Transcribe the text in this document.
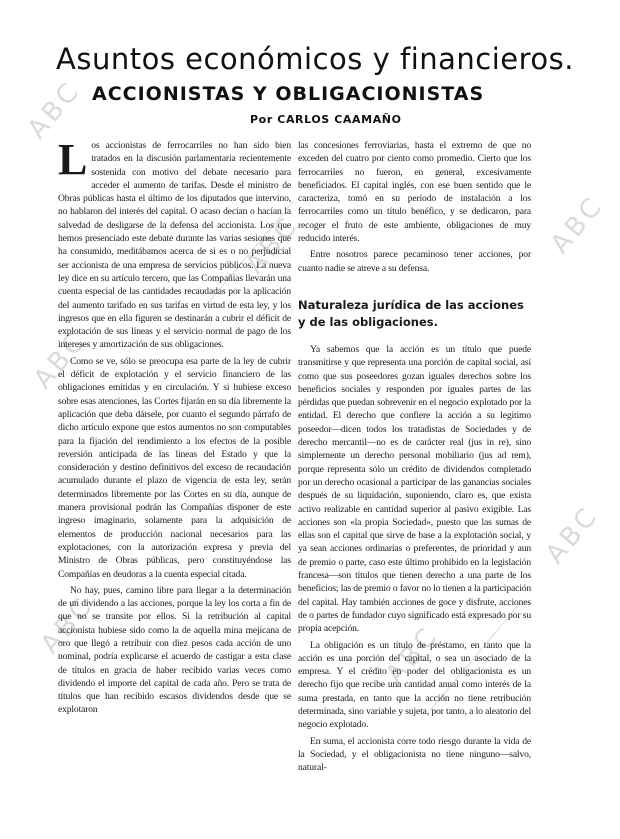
ABC
ABC
ABC
ABC
ABC
ABC
ABC
Asuntos económicos y financieros.
ACCIONISTAS Y OBLIGACIONISTAS
Por CARLOS CAAMAÑO

Los accionistas de ferrocarriles no han sido bien tratados en la discusión parlamentaria recientemente sostenida con motivo del debate necesario para acceder el aumento de tarifas. Desde el ministro de Obras públicas hasta el último de los diputados que intervino, no hablaron del interés del capital. O acaso decían o hacían la salvedad de desligarse de la defensa del accionista. Los que hemos presenciado este debate durante las varias sesiones que ha consumido, meditábamos acerca de si es o no perjudicial ser accionista de una empresa de servicios públicos. La nueva ley dice en su artículo tercero, que las Compañías llevarán una cuenta especial de las cantidades recaudadas por la aplicación del aumento tarifado en sus tarifas en virtud de esta ley, y los ingresos que en ella figuren se destinarán a cubrir el déficit de explotación de sus líneas y el servicio normal de pago de los intereses y amortización de sus obligaciones.

Como se ve, sólo se preocupa esa parte de la ley de cubrir el déficit de explotación y el servicio financiero de las obligaciones emitidas y en circulación. Y si hubiese exceso sobre esas atenciones, las Cortes fijarán en su día libremente la aplicación que deba dársele, por cuanto el segundo párrafo de dicho artículo expone que estos aumentos no son computables para la fijación del rendimiento a los efectos de la posible reversión anticipada de las líneas del Estado y que la consideración y destino definitivos del exceso de recaudación acumulado durante el plazo de vigencia de esta ley, serán determinados libremente por las Cortes en su día, aunque de manera provisional podrán las Compañías disponer de este ingreso imaginario, solamente para la adquisición de elementos de producción nacional necesarios para las explotaciones, con la autorización expresa y previa del Ministro de Obras públicas, pero constituyéndose las Compañías en deudoras a la cuenta especial citada.

No hay, pues, camino libre para llegar a la determinación de un dividendo a las acciones, porque la ley los corta a fin de que no se transite por ellos. Si la retribución al capital accionista hubiese sido como la de aquella mina mejicana de oro que llegó a retribuir con diez pesos cada acción de uno nominal, podría explicarse el acuerdo de castigar a esta clase de títulos en gracia de haber recibido varias veces como dividendo el importe del capital de cada año. Pero se trata de títulos que han recibido escasos dividendos desde que se explotaron

las concesiones ferroviarias, hasta el extremo de que no exceden del cuatro por ciento como promedio. Cierto que los ferrocarriles no fueron, en general, excesivamente beneficiados. El capital inglés, con ese buen sentido que le caracteriza, tomó en su período de instalación a los ferrocarriles como un título benéfico, y se dedicaron, para recoger el fruto de este ambiente, obligaciones de muy reducido interés.

Entre nosotros parece pecaminoso tener acciones, por cuanto nadie se atreve a su defensa.

Naturaleza jurídica de las acciones y de las obligaciones.

Ya sabemos que la acción es un título que puede transmitirse y que representa una porción de capital social, así como que sus poseedores gozan iguales derechos sobre los beneficios sociales y responden por iguales partes de las pérdidas que puedan sobrevenir en el negocio explotado por la entidad. El derecho que confiere la acción a su legítimo poseedor—dicen todos los tratadistas de Sociedades y de derecho mercantil—no es de carácter real (jus in re), sino simplemente un derecho personal mobiliario (jus ad rem), porque representa sólo un crédito de dividendos completado por un derecho ocasional a participar de las ganancias sociales después de su liquidación, suponiendo, claro es, que exista activo realizable en cantidad superior al pasivo exigible. Las acciones son «la propia Sociedad», puesto que las sumas de ellas son el capital que sirve de base a la explotación social, y ya sean acciones ordinarias o preferentes, de prioridad y aun de premio o parte, caso este último prohibido en la legislación francesa—son títulos que tienen derecho a una parte de los beneficios; las de premio o favor no lo tienen a la participación del capital. Hay también acciones de goce y disfrute, acciones de o partes de fundador cuyo significado está expresado por su propia acepción.

La obligación es un título de préstamo, en tanto que la acción es una porción del capital, o sea un asociado de la empresa. Y el crédito en poder del obligacionista es un derecho fijo que recibe una cantidad anual como interés de la suma prestada, en tanto que la acción no tiene retribución determinada, sino variable y sujeta, por tanto, a lo aleatorio del negocio explotado.

En suma, el accionista corre todo riesgo durante la vida de la Sociedad, y el obligacionista no tiene ninguno—salvo, natural-
